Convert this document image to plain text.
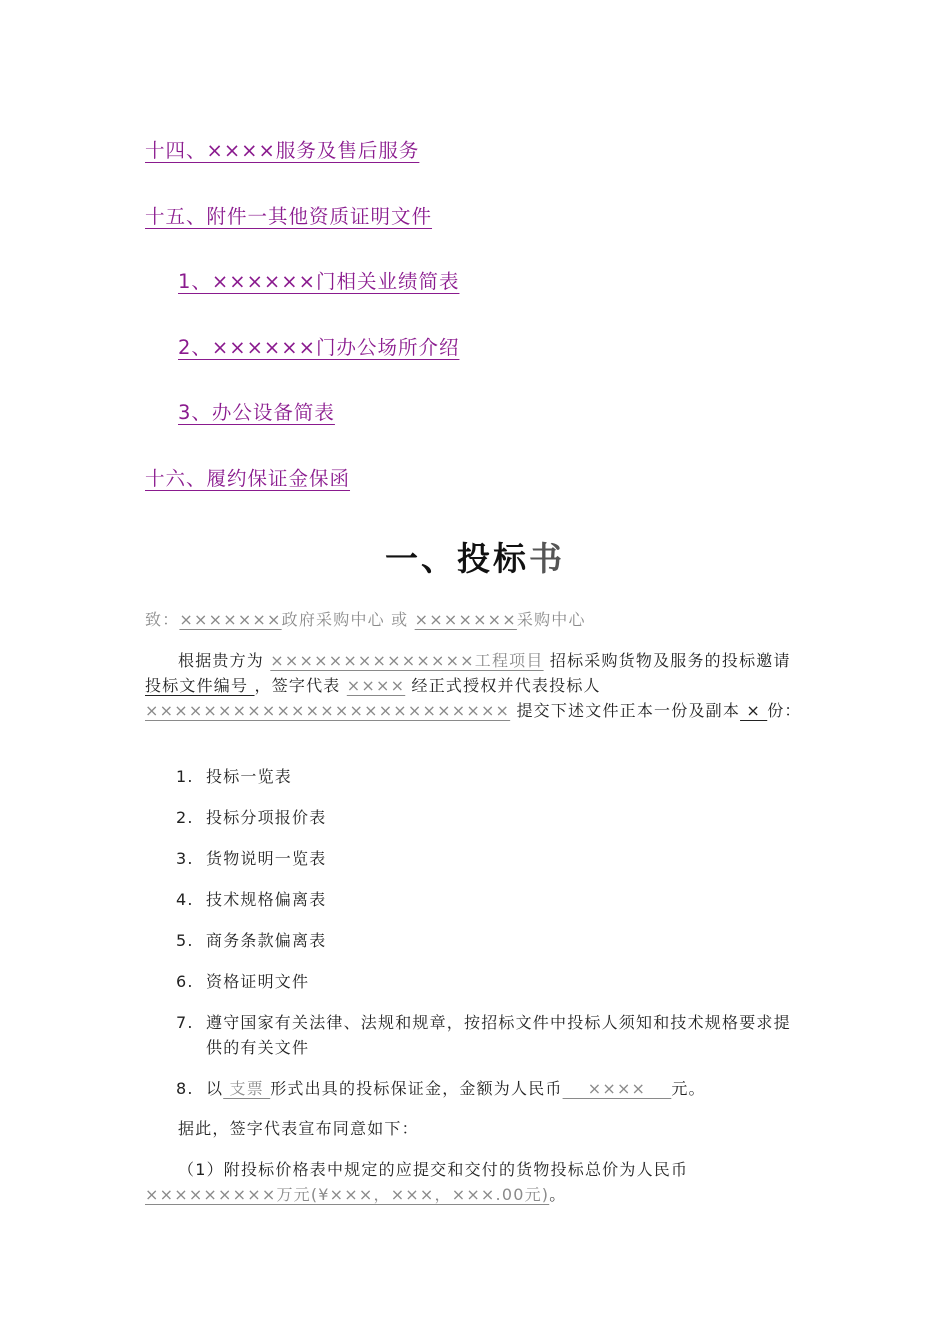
十四、××××服务及售后服务
十五、附件一其他资质证明文件
1、××××××门相关业绩简表
2、××××××门办公场所介绍
3、办公设备简表
十六、履约保证金保函
一、投标书

致：×××××××政府采购中心 或 ×××××××采购中心

根据贵方为 ××××××××××××××工程项目 招标采购货物及服务的投标邀请 投标文件编号 ，签字代表 ×××× 经正式授权并代表投标人××××××××××××××××××××××××× 提交下述文件正本一份及副本 × 份：

1. 投标一览表
2. 投标分项报价表
3. 货物说明一览表
4. 技术规格偏离表
5. 商务条款偏离表
6. 资格证明文件
7. 遵守国家有关法律、法规和规章，按招标文件中投标人须知和技术规格要求提供的有关文件
8. 以 支票 形式出具的投标保证金，金额为人民币    ××××    元。

据此，签字代表宣布同意如下：

（1）附投标价格表中规定的应提交和交付的货物投标总价为人民币 ×××××××××万元(¥×××，×××，×××.00元)。
